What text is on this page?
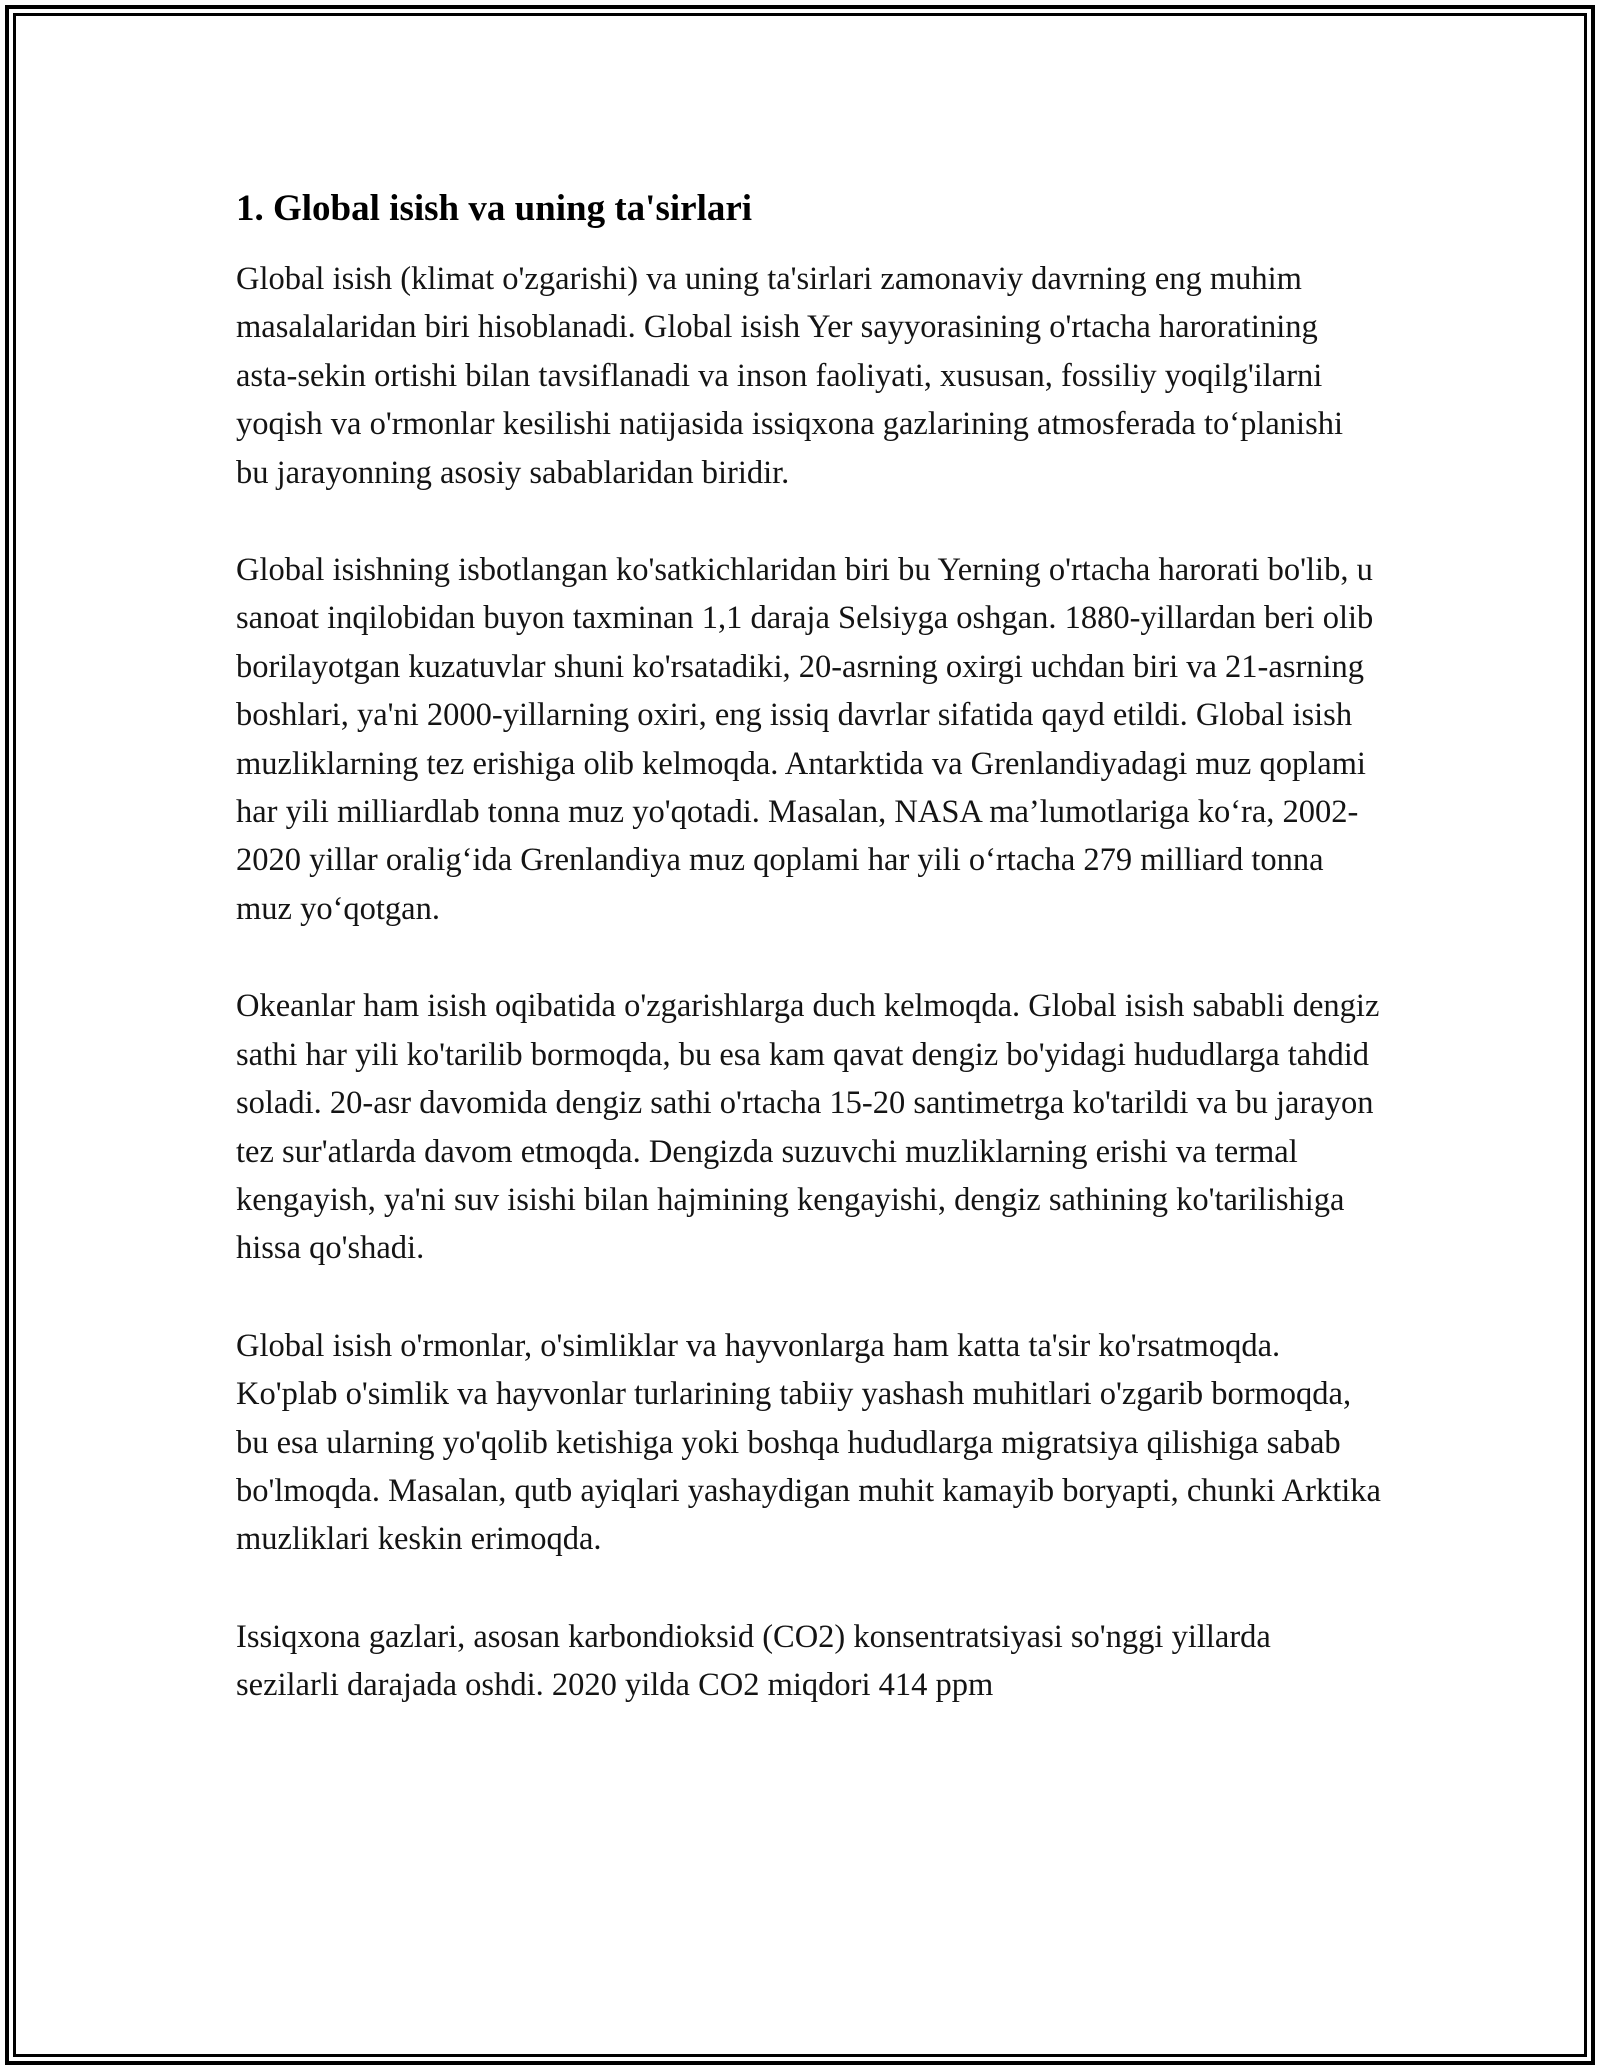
1. Global isish va uning ta'sirlari

Global isish (klimat o'zgarishi) va uning ta'sirlari zamonaviy davrning eng muhim masalalaridan biri hisoblanadi. Global isish Yer sayyorasining o'rtacha haroratining asta-sekin ortishi bilan tavsiflanadi va inson faoliyati, xususan, fossiliy yoqilg'ilarni yoqish va o'rmonlar kesilishi natijasida issiqxona gazlarining atmosferada to‘planishi bu jarayonning asosiy sabablaridan biridir.

Global isishning isbotlangan ko'satkichlaridan biri bu Yerning o'rtacha harorati bo'lib, u sanoat inqilobidan buyon taxminan 1,1 daraja Selsiyga oshgan. 1880-yillardan beri olib borilayotgan kuzatuvlar shuni ko'rsatadiki, 20-asrning oxirgi uchdan biri va 21-asrning boshlari, ya'ni 2000-yillarning oxiri, eng issiq davrlar sifatida qayd etildi. Global isish muzliklarning tez erishiga olib kelmoqda. Antarktida va Grenlandiyadagi muz qoplami har yili milliardlab tonna muz yo'qotadi. Masalan, NASA ma’lumotlariga ko‘ra, 2002-2020 yillar oralig‘ida Grenlandiya muz qoplami har yili o‘rtacha 279 milliard tonna muz yo‘qotgan.

Okeanlar ham isish oqibatida o'zgarishlarga duch kelmoqda. Global isish sababli dengiz sathi har yili ko'tarilib bormoqda, bu esa kam qavat dengiz bo'yidagi hududlarga tahdid soladi. 20-asr davomida dengiz sathi o'rtacha 15-20 santimetrga ko'tarildi va bu jarayon tez sur'atlarda davom etmoqda. Dengizda suzuvchi muzliklarning erishi va termal kengayish, ya'ni suv isishi bilan hajmining kengayishi, dengiz sathining ko'tarilishiga hissa qo'shadi.

Global isish o'rmonlar, o'simliklar va hayvonlarga ham katta ta'sir ko'rsatmoqda. Ko'plab o'simlik va hayvonlar turlarining tabiiy yashash muhitlari o'zgarib bormoqda, bu esa ularning yo'qolib ketishiga yoki boshqa hududlarga migratsiya qilishiga sabab bo'lmoqda. Masalan, qutb ayiqlari yashaydigan muhit kamayib boryapti, chunki Arktika muzliklari keskin erimoqda.

Issiqxona gazlari, asosan karbondioksid (CO2) konsentratsiyasi so'nggi yillarda sezilarli darajada oshdi. 2020 yilda CO2 miqdori 414 ppm
